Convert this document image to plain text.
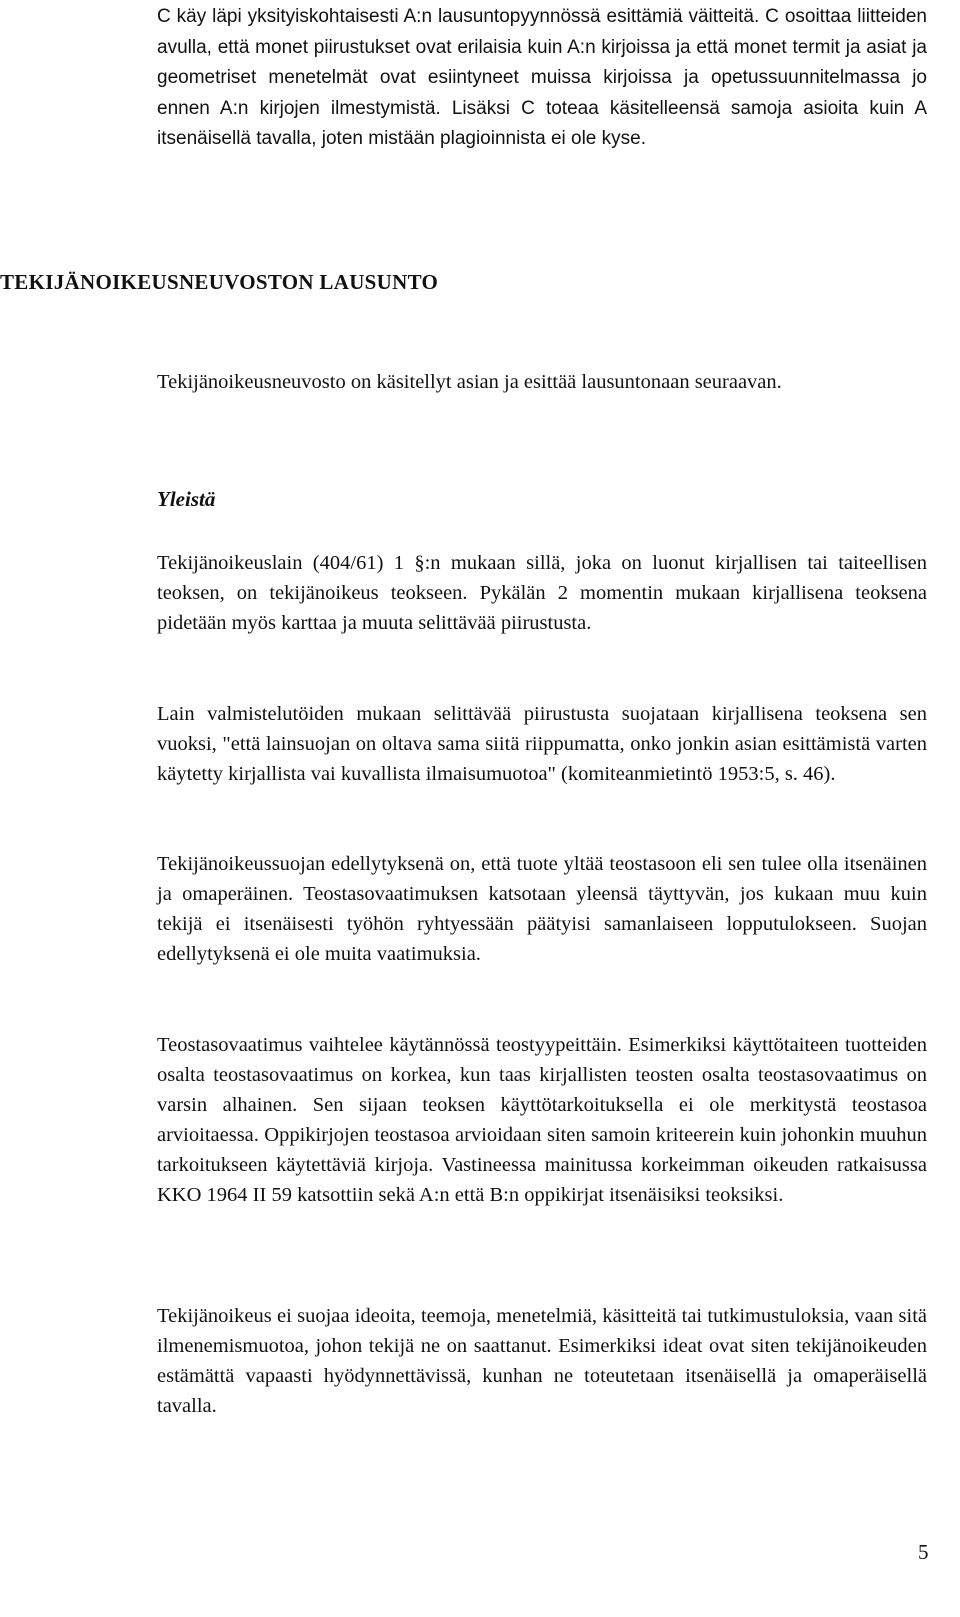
C käy läpi yksityiskohtaisesti A:n lausuntopyynnössä esittämiä väitteitä. C osoittaa liitteiden avulla, että monet piirustukset ovat erilaisia kuin A:n kirjoissa ja että monet termit ja asiat ja geometriset menetelmät ovat esiintyneet muissa kirjoissa ja opetussuunnitelmassa jo ennen A:n kirjojen ilmestymistä. Lisäksi C toteaa käsitelleensä samoja asioita kuin A itsenäisellä tavalla, joten mistään plagioinnista ei ole kyse.

TEKIJÄNOIKEUSNEUVOSTON LAUSUNTO

Tekijänoikeusneuvosto on käsitellyt asian ja esittää lausuntonaan seuraavan.

Yleistä

Tekijänoikeuslain (404/61) 1 §:n mukaan sillä, joka on luonut kirjallisen tai taiteellisen teoksen, on tekijänoikeus teokseen. Pykälän 2 momentin mukaan kirjallisena teoksena pidetään myös karttaa ja muuta selittävää piirustusta.

Lain valmistelutöiden mukaan selittävää piirustusta suojataan kirjallisena teoksena sen vuoksi, "että lainsuojan on oltava sama siitä riippumatta, onko jonkin asian esittämistä varten käytetty kirjallista vai kuvallista ilmaisumuotoa" (komiteanmietintö 1953:5, s. 46).

Tekijänoikeussuojan edellytyksenä on, että tuote yltää teostasoon eli sen tulee olla itsenäinen ja omaperäinen. Teostasovaatimuksen katsotaan yleensä täyttyvän, jos kukaan muu kuin tekijä ei itsenäisesti työhön ryhtyessään päätyisi samanlaiseen lopputulokseen. Suojan edellytyksenä ei ole muita vaatimuksia.

Teostasovaatimus vaihtelee käytännössä teostyypeittäin. Esimerkiksi käyttötaiteen tuotteiden osalta teostasovaatimus on korkea, kun taas kirjallisten teosten osalta teostasovaatimus on varsin alhainen. Sen sijaan teoksen käyttötarkoituksella ei ole merkitystä teostasoa arvioitaessa. Oppikirjojen teostasoa arvioidaan siten samoin kriteerein kuin johonkin muuhun tarkoitukseen käytettäviä kirjoja. Vastineessa mainitussa korkeimman oikeuden ratkaisussa KKO 1964 II 59 katsottiin sekä A:n että B:n oppikirjat itsenäisiksi teoksiksi.

Tekijänoikeus ei suojaa ideoita, teemoja, menetelmiä, käsitteitä tai tutkimustuloksia, vaan sitä ilmenemismuotoa, johon tekijä ne on saattanut. Esimerkiksi ideat ovat siten tekijänoikeuden estämättä vapaasti hyödynnettävissä, kunhan ne toteutetaan itsenäisellä ja omaperäisellä tavalla.

5
